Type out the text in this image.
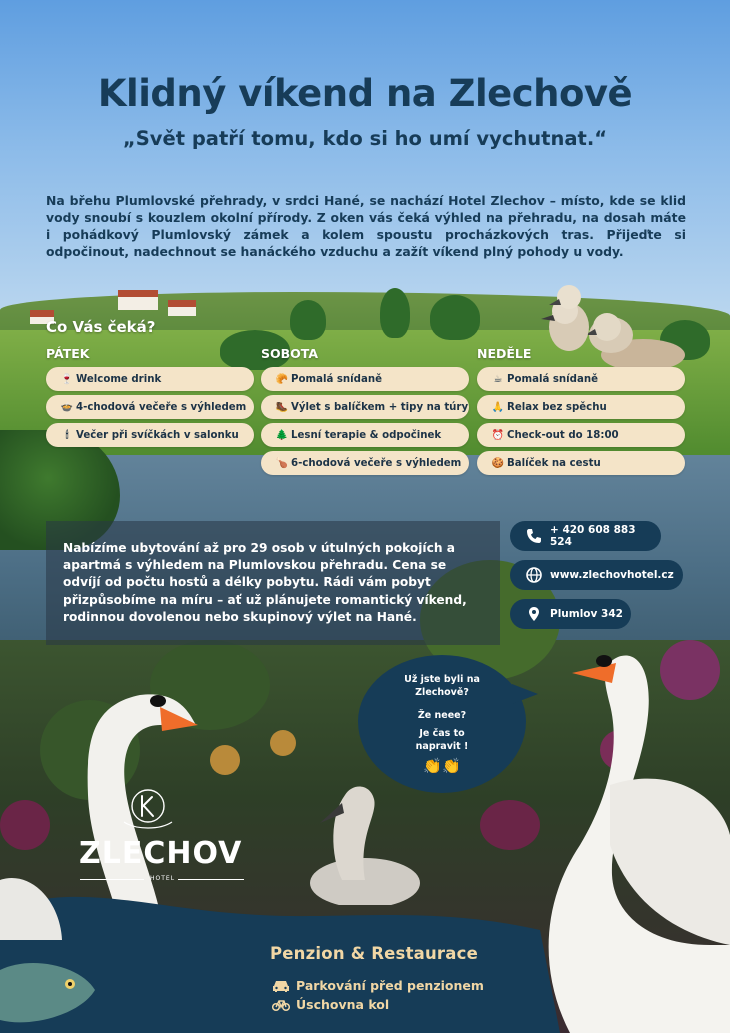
Klidný víkend na Zlechově
„Svět patří tomu, kdo si ho umí vychutnat.“

Na břehu Plumlovské přehrady, v srdci Hané, se nachází Hotel Zlechov – místo, kde se klid vody snoubí s kouzlem okolní přírody. Z oken vás čeká výhled na přehradu, na dosah máte i pohádkový Plumlovský zámek a kolem spoustu procházkových tras. Přijeďte si odpočinout, nadechnout se hanáckého vzduchu a zažít víkend plný pohody u vody.

Co Vás čeká?
PÁTEK
🍷 Welcome drink
🍲 4-chodová večeře s výhledem
🕯 Večer při svíčkách v salonku
SOBOTA
🥐 Pomalá snídaně
🥾 Výlet s balíčkem + tipy na túry
🌲 Lesní terapie & odpočinek
🍗 6-chodová večeře s výhledem
NEDĚLE
☕ Pomalá snídaně
🙏 Relax bez spěchu
⏰ Check-out do 18:00
🍪 Balíček na cestu

Nabízíme ubytování až pro 29 osob v útulných pokojích a apartmá s výhledem na Plumlovskou přehradu. Cena se odvíjí od počtu hostů a délky pobytu. Rádi vám pobyt přizpůsobíme na míru – ať už plánujete romantický víkend, rodinnou dovolenou nebo skupinový výlet na Hané.

+ 420 608 883 524
www.zlechovhotel.cz
Plumlov 342
Už jste byli na Zlechově?
Že neee?
Je čas to napravit !
👏👏
ZLECHOV
HOTEL
Penzion & Restaurace
Parkování před penzionem
Úschovna kol
